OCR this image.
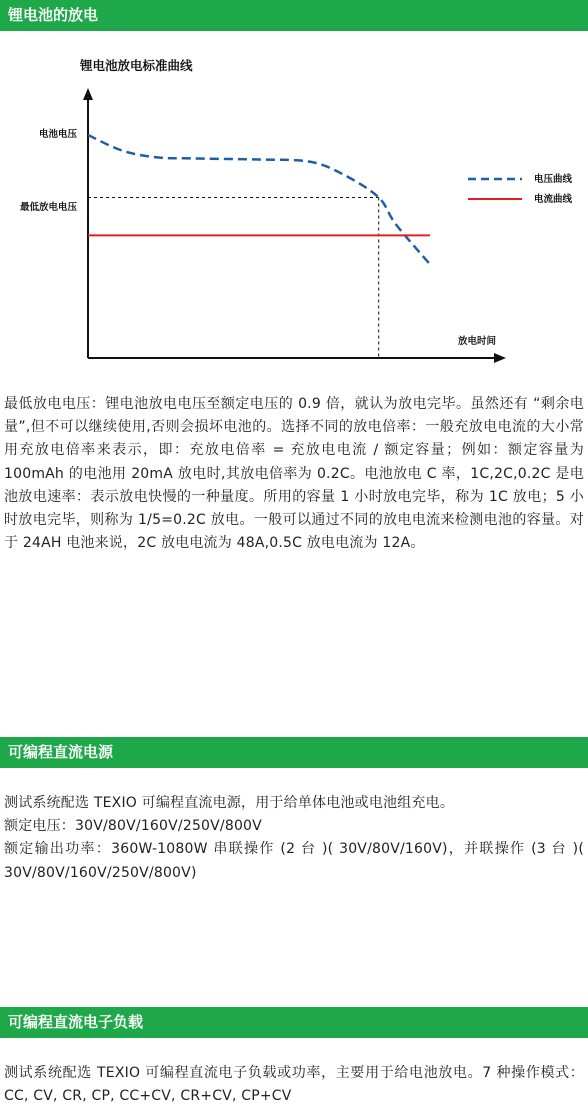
锂电池的放电
锂电池放电标准曲线
放电时间
电池电压
最低放电电压
电压曲线
电流曲线

最低放电电压：锂电池放电电压至额定电压的 0.9 倍，就认为放电完毕。虽然还有 “剩余电量”,但不可以继续使用,否则会损坏电池的。选择不同的放电倍率：一般充放电电流的大小常用充放电倍率来表示，即：充放电倍率 = 充放电电流 / 额定容量；例如：额定容量为 100mAh 的电池用 20mA 放电时,其放电倍率为 0.2C。电池放电 C 率，1C,2C,0.2C 是电池放电速率：表示放电快慢的一种量度。所用的容量 1 小时放电完毕，称为 1C 放电；5 小时放电完毕，则称为 1/5=0.2C 放电。一般可以通过不同的放电电流来检测电池的容量。对于 24AH 电池来说，2C 放电电流为 48A,0.5C 放电电流为 12A。

可编程直流电源

测试系统配选 TEXIO 可编程直流电源，用于给单体电池或电池组充电。

额定电压：30V/80V/160V/250V/800V

额定输出功率：360W-1080W 串联操作 (2 台 )( 30V/80V/160V)，并联操作 (3 台 )( 30V/80V/160V/250V/800V)

可编程直流电子负载

测试系统配选 TEXIO 可编程直流电子负载或功率，主要用于给电池放电。7 种操作模式：CC, CV, CR, CP, CC+CV, CR+CV, CP+CV
